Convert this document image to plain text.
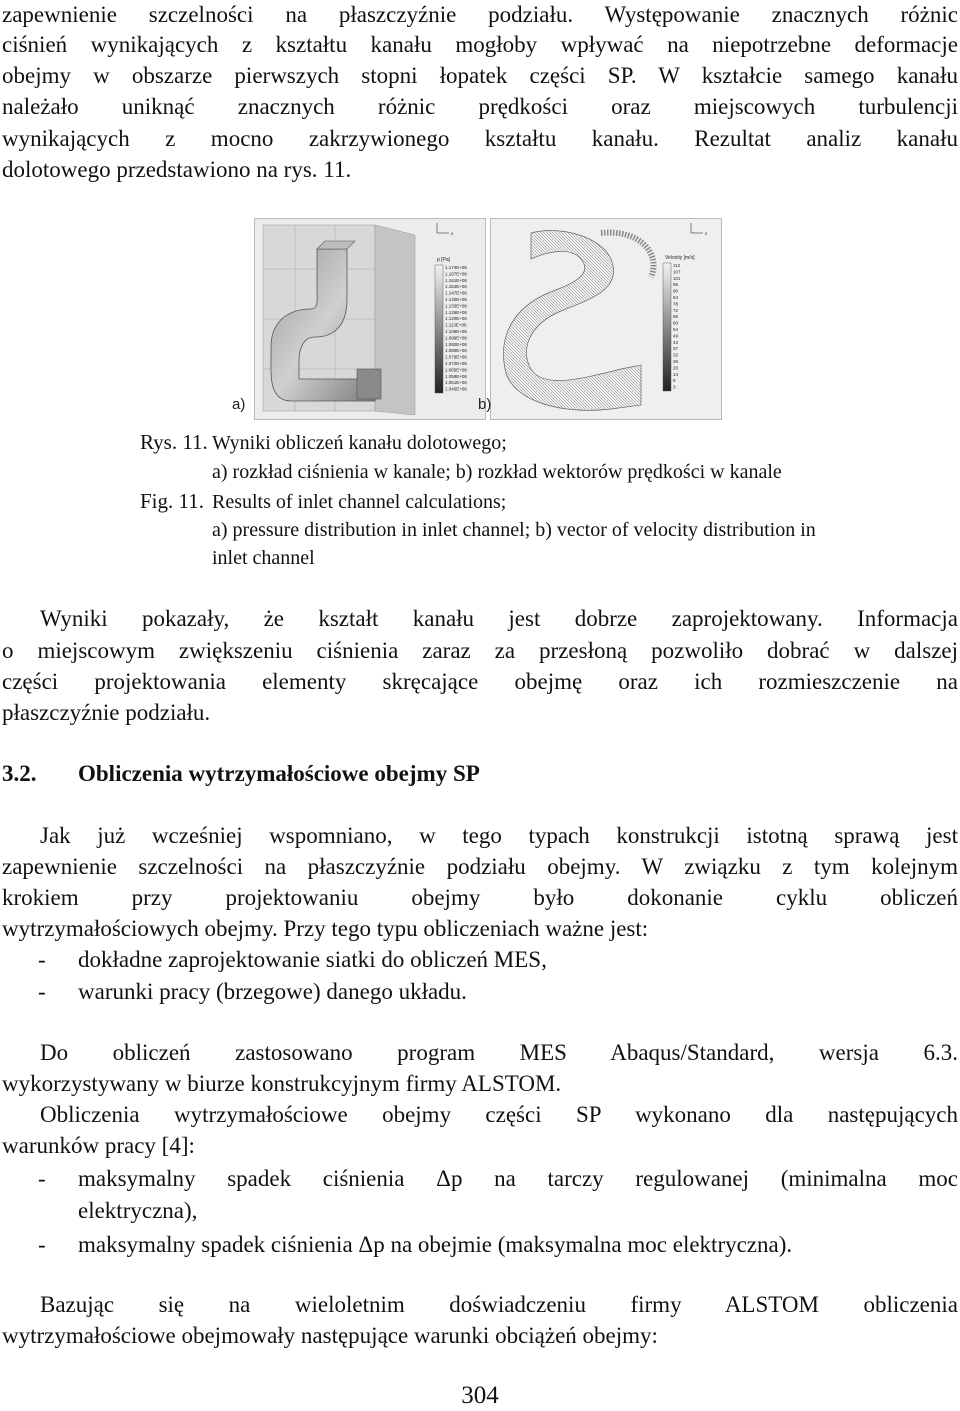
zapewnienie szczelności na płaszczyźnie podziału. Występowanie znacznych różnic
ciśnień wynikających z kształtu kanału mogłoby wpływać na niepotrzebne deformacje
obejmy w obszarze pierwszych stopni łopatek części SP. W kształcie samego kanału
należało uniknąć znacznych różnic prędkości oraz miejscowych turbulencji
wynikających z mocno zakrzywionego kształtu kanału. Rezultat analiz kanału
dolotowego przedstawiono na rys. 11.
x
p [Pa]
1.174E+06
1.167E+06
1.161E+06
1.154E+06
1.147E+06
1.140E+06
1.133E+06
1.126E+06
1.120E+06
1.113E+06
1.106E+06
1.099E+06
1.092E+06
1.085E+06
1.079E+06
1.072E+06
1.065E+06
1.058E+06
1.051E+06
1.045E+06
a)
z
Velocity [m/s]
112
107
101
95
90
84
78
72
66
60
54
49
43
37
32
26
20
14
9
3
b)
Rys. 11. Wyniki obliczeń kanału dolotowego;
a) rozkład ciśnienia w kanale; b) rozkład wektorów prędkości w kanale
Fig. 11. Results of inlet channel calculations;
a) pressure distribution in inlet channel; b) vector of velocity distribution in
inlet channel
Wyniki pokazały, że kształt kanału jest dobrze zaprojektowany. Informacja
o miejscowym zwiększeniu ciśnienia zaraz za przesłoną pozwoliło dobrać w dalszej
części projektowania elementy skręcające obejmę oraz ich rozmieszczenie na
płaszczyźnie podziału.
3.2. Obliczenia wytrzymałościowe obejmy SP
Jak już wcześniej wspomniano, w tego typach konstrukcji istotną sprawą jest
zapewnienie szczelności na płaszczyźnie podziału obejmy. W związku z tym kolejnym
krokiem przy projektowaniu obejmy było dokonanie cyklu obliczeń
wytrzymałościowych obejmy. Przy tego typu obliczeniach ważne jest:
- dokładne zaprojektowanie siatki do obliczeń MES,
- warunki pracy (brzegowe) danego układu.
Do obliczeń zastosowano program MES Abaqus/Standard, wersja 6.3.
wykorzystywany w biurze konstrukcyjnym firmy ALSTOM.
Obliczenia wytrzymałościowe obejmy części SP wykonano dla następujących
warunków pracy [4]:
- maksymalny spadek ciśnienia Δp na tarczy regulowanej (minimalna moc
elektryczna),
- maksymalny spadek ciśnienia Δp na obejmie (maksymalna moc elektryczna).
Bazując się na wieloletnim doświadczeniu firmy ALSTOM obliczenia
wytrzymałościowe obejmowały następujące warunki obciążeń obejmy:
304
